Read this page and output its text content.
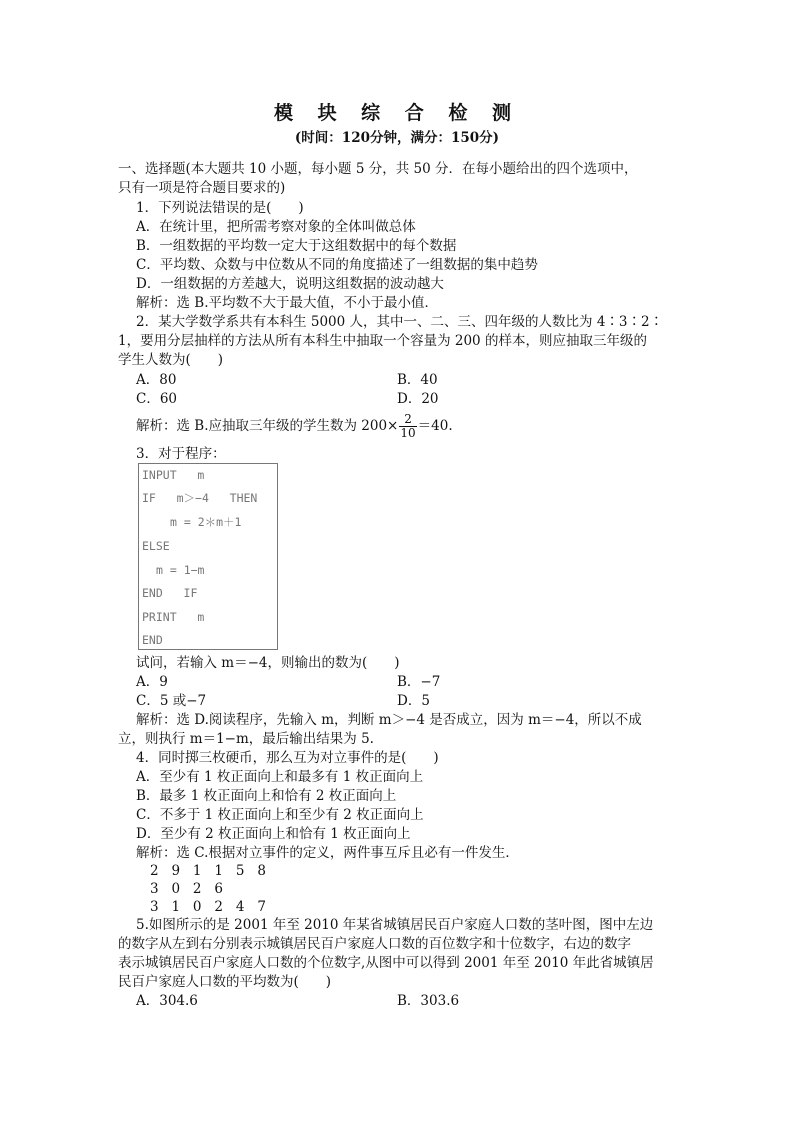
模 块 综 合 检 测
(时间：120分钟，满分：150分)
一、选择题(本大题共 10 小题，每小题 5 分，共 50 分．在每小题给出的四个选项中，
只有一项是符合题目要求的)
1．下列说法错误的是(　　)
A．在统计里，把所需考察对象的全体叫做总体
B．一组数据的平均数一定大于这组数据中的每个数据
C．平均数、众数与中位数从不同的角度描述了一组数据的集中趋势
D．一组数据的方差越大，说明这组数据的波动越大
解析：选 B.平均数不大于最大值，不小于最小值．
2．某大学数学系共有本科生 5000 人，其中一、二、三、四年级的人数比为 4∶3∶2∶
1，要用分层抽样的方法从所有本科生中抽取一个容量为 200 的样本，则应抽取三年级的
学生人数为(　　)
A．80	B．40
C．60	D．20
解析：选 B.应抽取三年级的学生数为 $200\times \frac{2}{10} =40$.
3．对于程序：
INPUT   m
IF   m＞−4   THEN
m = 2＊m＋1
ELSE
m = 1−m
END   IF
PRINT   m
END
试问，若输入 m＝−4，则输出的数为(　　)
A．9	B．−7
C．5 或−7	D．5
解析：选 D.阅读程序，先输入 m，判断 m＞−4 是否成立，因为 m＝−4，所以不成
立，则执行 m＝1−m，最后输出结果为 5.
4．同时掷三枚硬币，那么互为对立事件的是(　　)
A．至少有 1 枚正面向上和最多有 1 枚正面向上
B．最多 1 枚正面向上和恰有 2 枚正面向上
C．不多于 1 枚正面向上和至少有 2 枚正面向上
D．至少有 2 枚正面向上和恰有 1 枚正面向上
解析：选 C.根据对立事件的定义，两件事互斥且必有一件发生．
2   9   1   1   5   8
3   0   2   6
3   1   0   2   4   7
5.如图所示的是 2001 年至 2010 年某省城镇居民百户家庭人口数的茎叶图，图中左边
的数字从左到右分别表示城镇居民百户家庭人口数的百位数字和十位数字，右边的数字
表示城镇居民百户家庭人口数的个位数字,从图中可以得到 2001 年至 2010 年此省城镇居
民百户家庭人口数的平均数为(　　)
A．304.6	B．303.6
